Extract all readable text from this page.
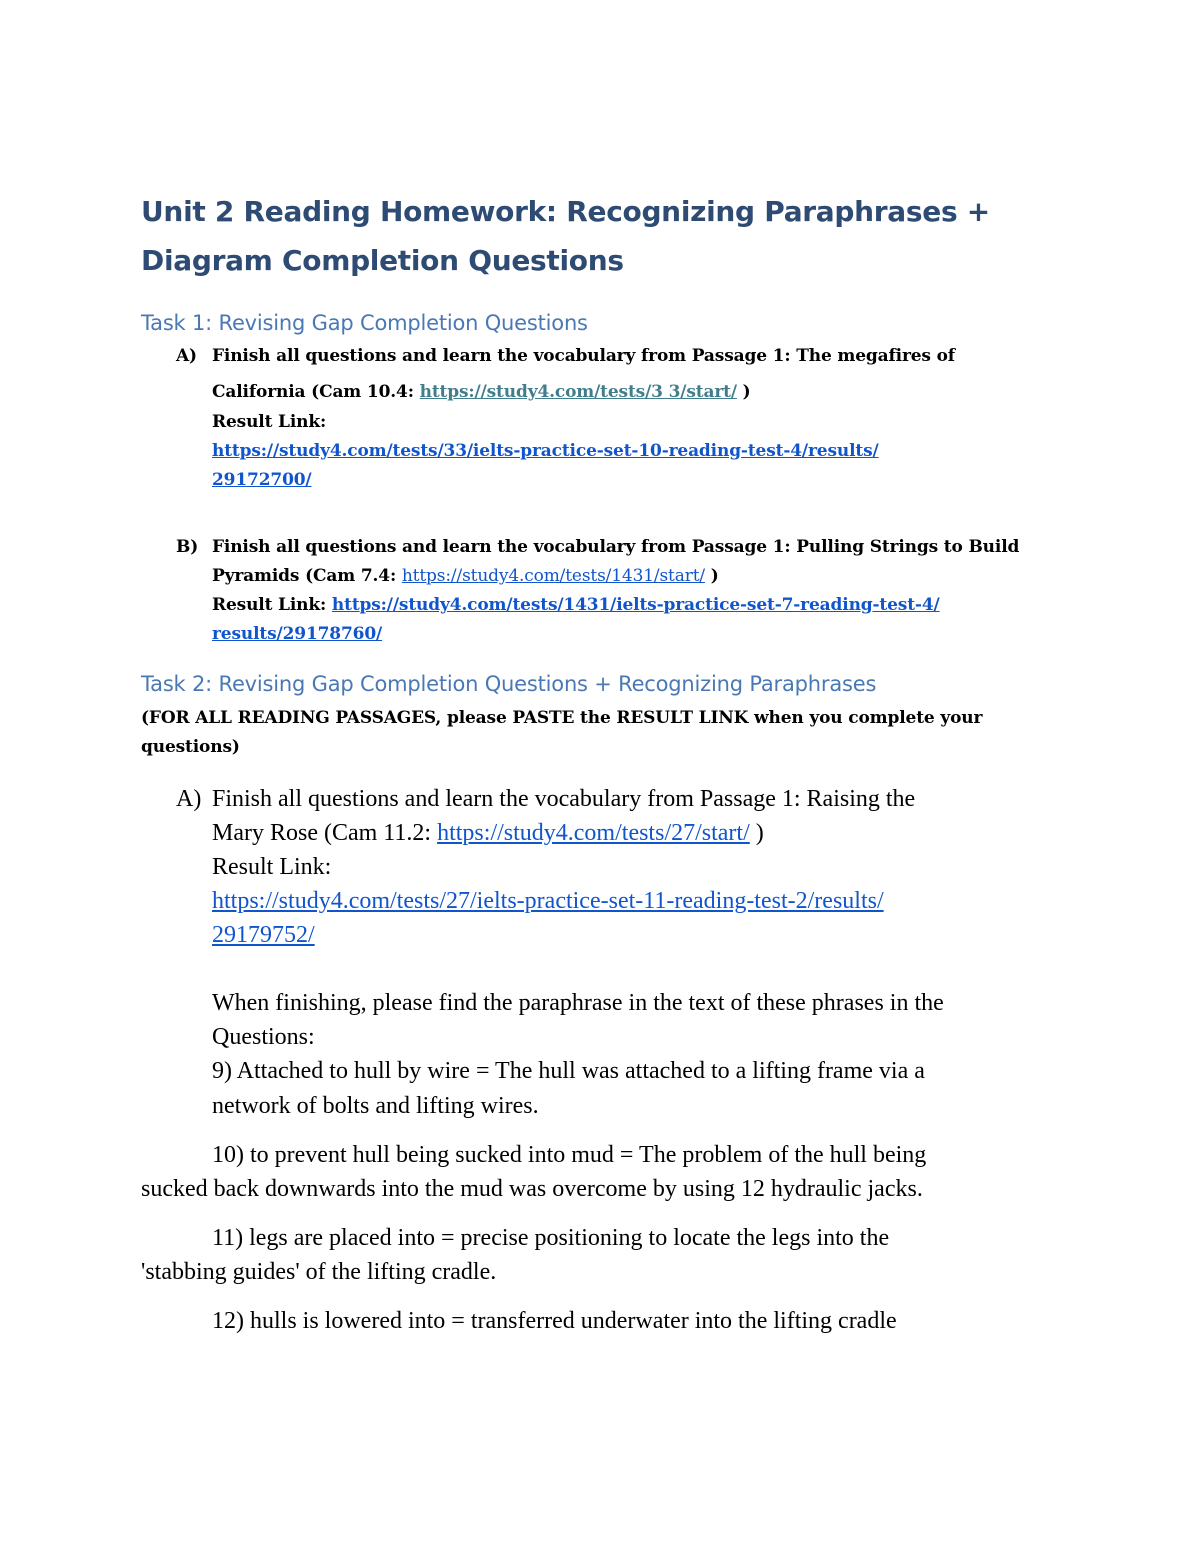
Unit 2 Reading Homework: Recognizing Paraphrases +
Diagram Completion Questions
Task 1: Revising Gap Completion Questions
A) Finish all questions and learn the vocabulary from Passage 1: The megafires of
California (Cam 10.4: https://study4.com/tests/3 3/start/ )
Result Link:
https://study4.com/tests/33/ielts-practice-set-10-reading-test-4/results/
29172700/
B) Finish all questions and learn the vocabulary from Passage 1: Pulling Strings to Build
Pyramids (Cam 7.4: https://study4.com/tests/1431/start/ )
Result Link: https://study4.com/tests/1431/ielts-practice-set-7-reading-test-4/
results/29178760/
Task 2: Revising Gap Completion Questions + Recognizing Paraphrases
(FOR ALL READING PASSAGES, please PASTE the RESULT LINK when you complete your
questions)
A) Finish all questions and learn the vocabulary from Passage 1: Raising the
Mary Rose (Cam 11.2: https://study4.com/tests/27/start/ )
Result Link:
https://study4.com/tests/27/ielts-practice-set-11-reading-test-2/results/
29179752/
When finishing, please find the paraphrase in the text of these phrases in the
Questions:
9) Attached to hull by wire = The hull was attached to a lifting frame via a
network of bolts and lifting wires.
10) to prevent hull being sucked into mud = The problem of the hull being
sucked back downwards into the mud was overcome by using 12 hydraulic jacks.
11) legs are placed into = precise positioning to locate the legs into the
'stabbing guides' of the lifting cradle.
12) hulls is lowered into = transferred underwater into the lifting cradle
